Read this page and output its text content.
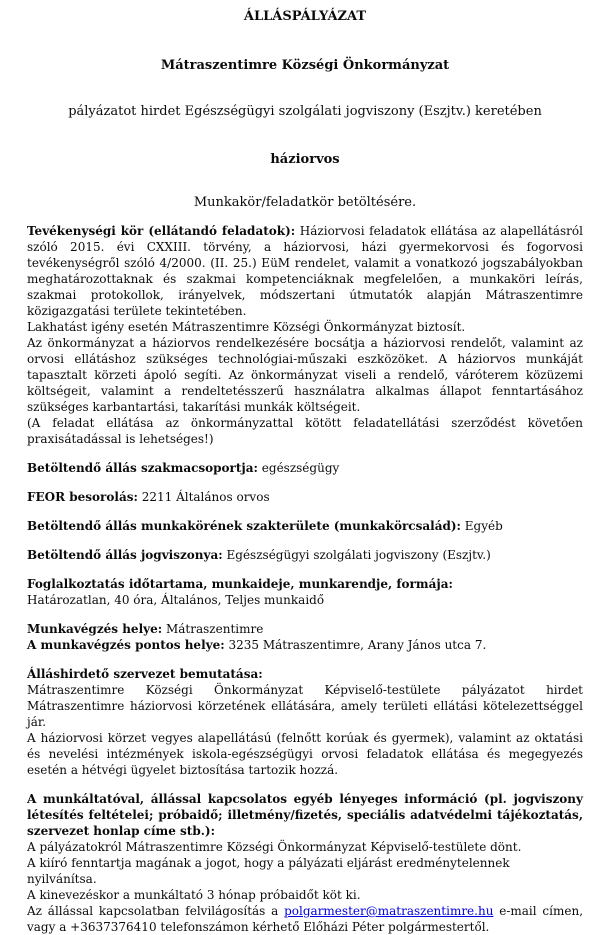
ÁLLÁSPÁLYÁZAT

Mátraszentimre Községi Önkormányzat

pályázatot hirdet Egészségügyi szolgálati jogviszony (Eszjtv.) keretében

háziorvos

Munkakör/feladatkör betöltésére.

Tevékenységi kör (ellátandó feladatok): Háziorvosi feladatok ellátása az alapellátásról szóló 2015. évi CXXIII. törvény, a háziorvosi, házi gyermekorvosi és fogorvosi tevékenységről szóló 4/2000. (II. 25.) EüM rendelet, valamit a vonatkozó jogszabályokban meghatározottaknak és szakmai kompetenciáknak megfelelően, a munkaköri leírás, szakmai protokollok, irányelvek, módszertani útmutatók alapján Mátraszentimre közigazgatási területe tekintetében.

Lakhatást igény esetén Mátraszentimre Községi Önkormányzat biztosít.

Az önkormányzat a háziorvos rendelkezésére bocsátja a háziorvosi rendelőt, valamint az orvosi ellátáshoz szükséges technológiai-műszaki eszközöket. A háziorvos munkáját tapasztalt körzeti ápoló segíti. Az önkormányzat viseli a rendelő, váróterem közüzemi költségeit, valamint a rendeltetésszerű használatra alkalmas állapot fenntartásához szükséges karbantartási, takarítási munkák költségeit.

(A feladat ellátása az önkormányzattal kötött feladatellátási szerződést követően praxisátadással is lehetséges!)

Betöltendő állás szakmacsoportja: egészségügy

FEOR besorolás: 2211 Általános orvos

Betöltendő állás munkakörének szakterülete (munkakörcsalád): Egyéb

Betöltendő állás jogviszonya: Egészségügyi szolgálati jogviszony (Eszjtv.)

Foglalkoztatás időtartama, munkaideje, munkarendje, formája:

Határozatlan, 40 óra, Általános, Teljes munkaidő

Munkavégzés helye: Mátraszentimre

A munkavégzés pontos helye: 3235 Mátraszentimre, Arany János utca 7.

Álláshirdető szervezet bemutatása:

Mátraszentimre Községi Önkormányzat Képviselő-testülete pályázatot hirdet Mátraszentimre háziorvosi körzetének ellátására, amely területi ellátási kötelezettséggel jár.

A háziorvosi körzet vegyes alapellátású (felnőtt korúak és gyermek), valamint az oktatási és nevelési intézmények iskola-egészségügyi orvosi feladatok ellátása és megegyezés esetén a hétvégi ügyelet biztosítása tartozik hozzá.

A munkáltatóval, állással kapcsolatos egyéb lényeges információ (pl. jogviszony létesítés feltételei; próbaidő; illetmény/fizetés, speciális adatvédelmi tájékoztatás, szervezet honlap címe stb.):

A pályázatokról Mátraszentimre Községi Önkormányzat Képviselő-testülete dönt.

A kiíró fenntartja magának a jogot, hogy a pályázati eljárást eredménytelennek nyilvánítsa.

A kinevezéskor a munkáltató 3 hónap próbaidőt köt ki.

Az állással kapcsolatban felvilágosítás a polgarmester@matraszentimre.hu e-mail címen, vagy a +3637376410 telefonszámon kérhető Előházi Péter polgármestertől.
